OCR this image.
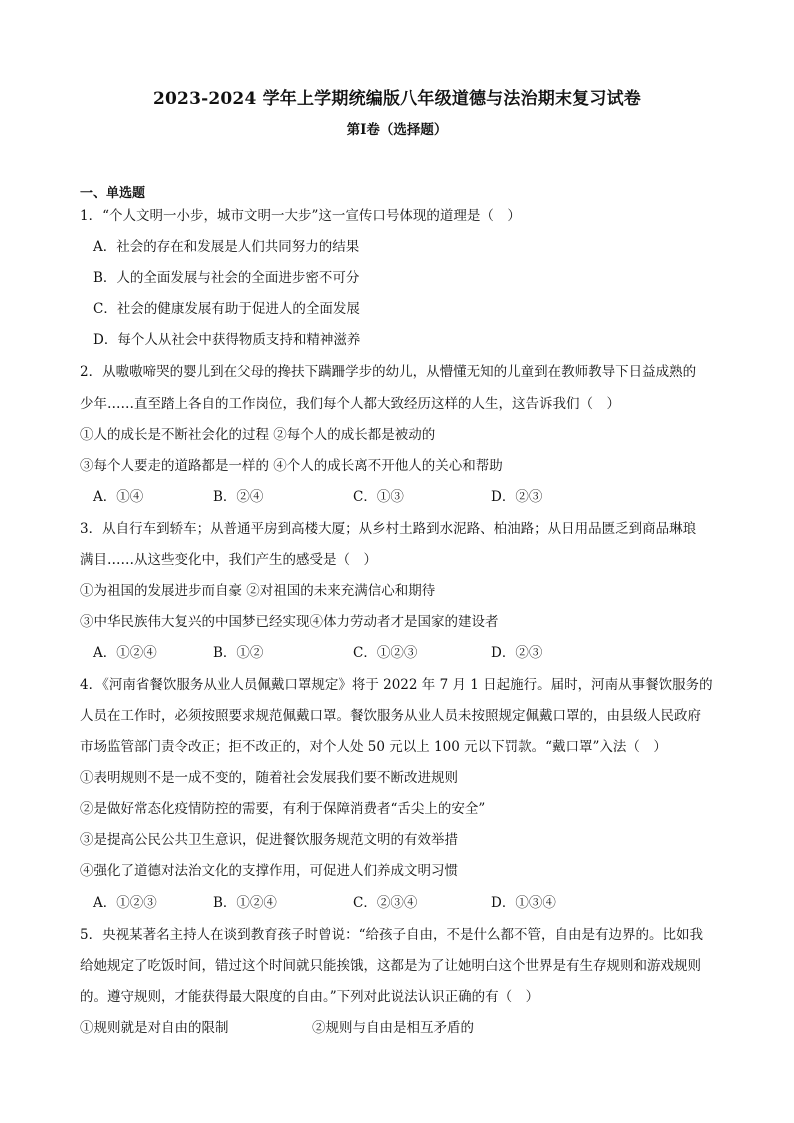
2023-2024 学年上学期统编版八年级道德与法治期末复习试卷
第Ⅰ卷（选择题）
一、单选题
1．“个人文明一小步，城市文明一大步”这一宣传口号体现的道理是（　）
A．社会的存在和发展是人们共同努力的结果
B．人的全面发展与社会的全面进步密不可分
C．社会的健康发展有助于促进人的全面发展
D．每个人从社会中获得物质支持和精神滋养
2．从嗷嗷啼哭的婴儿到在父母的搀扶下蹒跚学步的幼儿，从懵懂无知的儿童到在教师教导下日益成熟的
少年……直至踏上各自的工作岗位，我们每个人都大致经历这样的人生，这告诉我们（　）
①人的成长是不断社会化的过程 ②每个人的成长都是被动的
③每个人要走的道路都是一样的 ④个人的成长离不开他人的关心和帮助
A．①④	B．②④	C．①③	D．②③
3．从自行车到轿车；从普通平房到高楼大厦；从乡村土路到水泥路、柏油路；从日用品匮乏到商品琳琅
满目……从这些变化中，我们产生的感受是（　）
①为祖国的发展进步而自豪 ②对祖国的未来充满信心和期待
③中华民族伟大复兴的中国梦已经实现④体力劳动者才是国家的建设者
A．①②④	B．①②	C．①②③	D．②③
4．《河南省餐饮服务从业人员佩戴口罩规定》将于 2022 年 7 月 1 日起施行。届时，河南从事餐饮服务的
人员在工作时，必须按照要求规范佩戴口罩。餐饮服务从业人员未按照规定佩戴口罩的，由县级人民政府
市场监管部门责令改正；拒不改正的，对个人处 50 元以上 100 元以下罚款。“戴口罩”入法（　）
①表明规则不是一成不变的，随着社会发展我们要不断改进规则
②是做好常态化疫情防控的需要，有利于保障消费者“舌尖上的安全”
③是提高公民公共卫生意识，促进餐饮服务规范文明的有效举措
④强化了道德对法治文化的支撑作用，可促进人们养成文明习惯
A．①②③	B．①②④	C．②③④	D．①③④
5．央视某著名主持人在谈到教育孩子时曾说：“给孩子自由，不是什么都不管，自由是有边界的。比如我
给她规定了吃饭时间，错过这个时间就只能挨饿，这都是为了让她明白这个世界是有生存规则和游戏规则
的。遵守规则，才能获得最大限度的自由。”下列对此说法认识正确的有（　）
①规则就是对自由的限制	②规则与自由是相互矛盾的
